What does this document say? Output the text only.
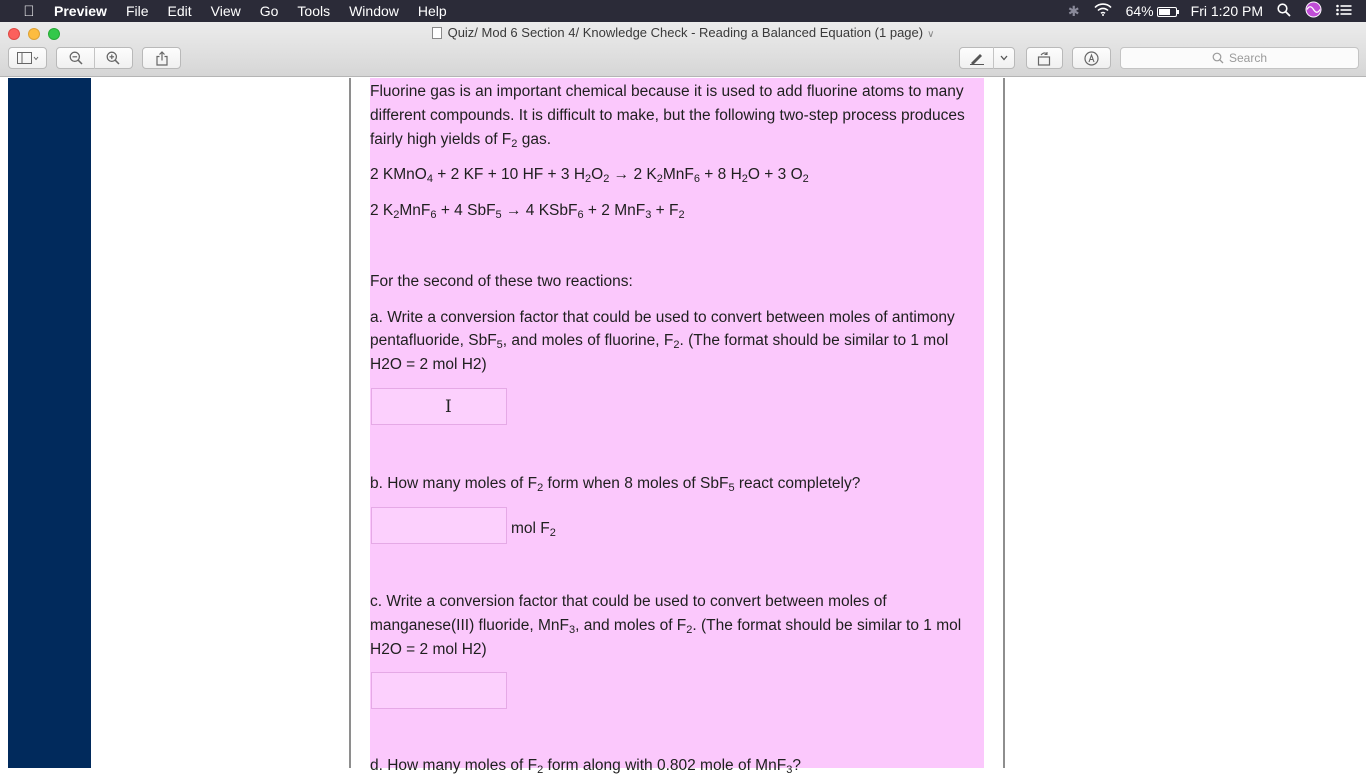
Preview File Edit View Go Tools Window Help	✱	64%	Fri 1:20 PM
Quiz/ Mod 6 Section 4/ Knowledge Check - Reading a Balanced Equation (1 page) ∨
Search
Fluorine gas is an important chemical because it is used to add fluorine atoms to many
different compounds. It is difficult to make, but the following two-step process produces
fairly high yields of $F_2$ gas.
2 KMnO$_4$ + 2 KF + 10 HF + 3 $H_2O_2 \to 2$ $K_2MnF_6 + 8$ $H_2O + 3$ $O_2$
2 $K_2MnF_6 + 4$ SbF$_5$ → 4 KSbF$_6$ + 2 $MnF_3 + F_2$
For the second of these two reactions:
a. Write a conversion factor that could be used to convert between moles of antimony
pentafluoride, SbF$_5$, and moles of fluorine, $F_2$. (The format should be similar to 1 mol
H2O = 2 mol H2)
I
b. How many moles of $F_2$ form when 8 moles of SbF$_5$ react completely?
mol $F_2$
c. Write a conversion factor that could be used to convert between moles of
manganese(III) fluoride, MnF$_3$, and moles of $F_2$. (The format should be similar to 1 mol
H2O = 2 mol H2)
d. How many moles of $F_2$ form along with 0.802 mole of MnF$_3$?
